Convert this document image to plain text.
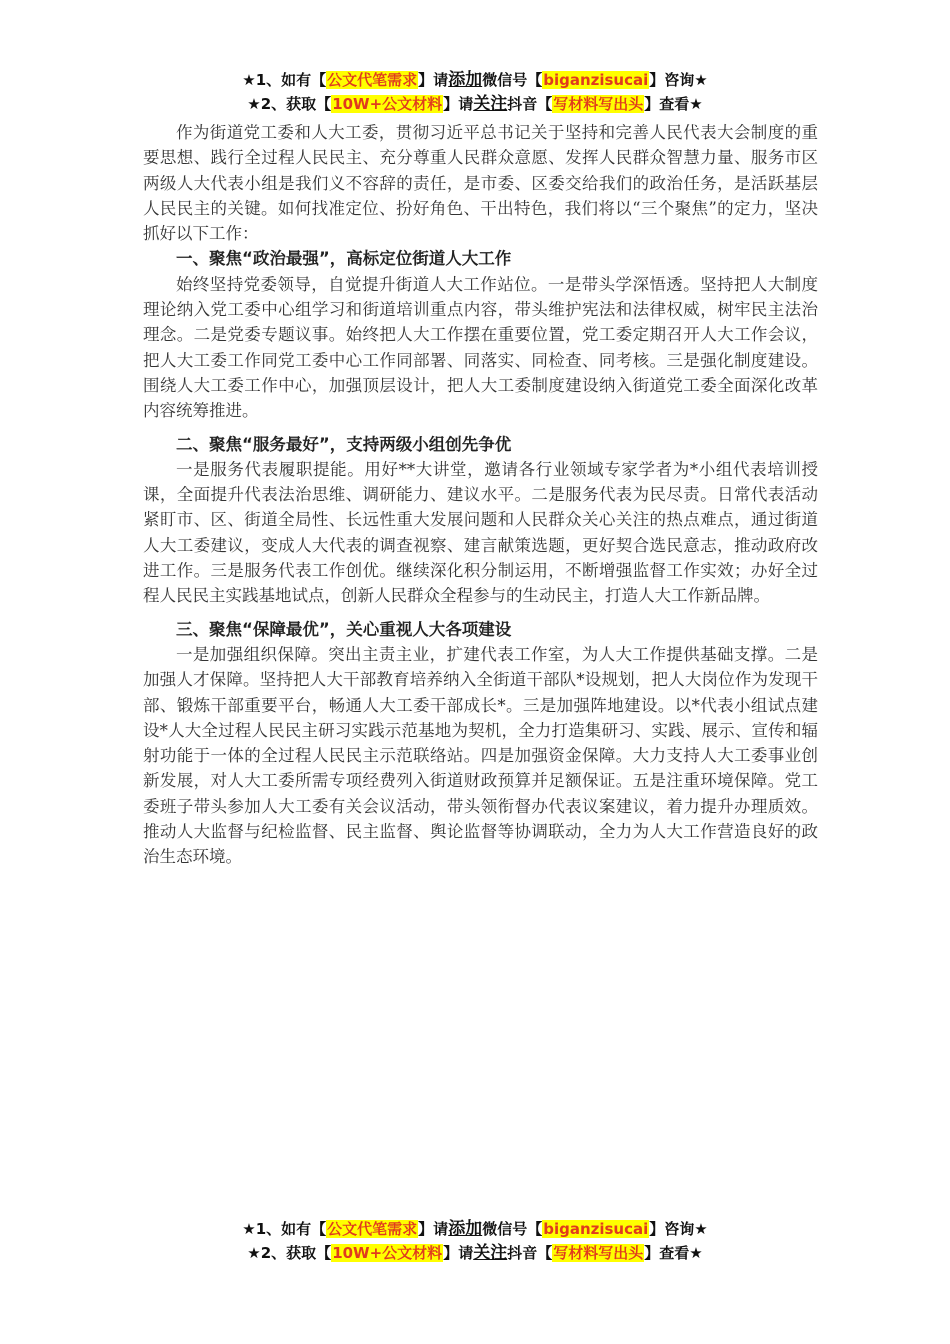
★1、如有【公文代笔需求】请添加微信号【biganzisucai】咨询★
★2、获取【10W+公文材料】请关注抖音【写材料写出头】查看★

作为街道党工委和人大工委，贯彻习近平总书记关于坚持和完善人民代表大会制度的重要思想、践行全过程人民民主、充分尊重人民群众意愿、发挥人民群众智慧力量、服务市区两级人大代表小组是我们义不容辞的责任，是市委、区委交给我们的政治任务，是活跃基层人民民主的关键。如何找准定位、扮好角色、干出特色，我们将以“三个聚焦”的定力，坚决抓好以下工作：

一、聚焦“政治最强”，高标定位街道人大工作

始终坚持党委领导，自觉提升街道人大工作站位。一是带头学深悟透。坚持把人大制度理论纳入党工委中心组学习和街道培训重点内容，带头维护宪法和法律权威，树牢民主法治理念。二是党委专题议事。始终把人大工作摆在重要位置，党工委定期召开人大工作会议，把人大工委工作同党工委中心工作同部署、同落实、同检查、同考核。三是强化制度建设。围绕人大工委工作中心，加强顶层设计，把人大工委制度建设纳入街道党工委全面深化改革内容统筹推进。

二、聚焦“服务最好”，支持两级小组创先争优

一是服务代表履职提能。用好**大讲堂，邀请各行业领域专家学者为*小组代表培训授课，全面提升代表法治思维、调研能力、建议水平。二是服务代表为民尽责。日常代表活动紧盯市、区、街道全局性、长远性重大发展问题和人民群众关心关注的热点难点，通过街道人大工委建议，变成人大代表的调查视察、建言献策选题，更好契合选民意志，推动政府改进工作。三是服务代表工作创优。继续深化积分制运用，不断增强监督工作实效；办好全过程人民民主实践基地试点，创新人民群众全程参与的生动民主，打造人大工作新品牌。

三、聚焦“保障最优”，关心重视人大各项建设

一是加强组织保障。突出主责主业，扩建代表工作室，为人大工作提供基础支撑。二是加强人才保障。坚持把人大干部教育培养纳入全街道干部队*设规划，把人大岗位作为发现干部、锻炼干部重要平台，畅通人大工委干部成长*。三是加强阵地建设。以*代表小组试点建设*人大全过程人民民主研习实践示范基地为契机，全力打造集研习、实践、展示、宣传和辐射功能于一体的全过程人民民主示范联络站。四是加强资金保障。大力支持人大工委事业创新发展，对人大工委所需专项经费列入街道财政预算并足额保证。五是注重环境保障。党工委班子带头参加人大工委有关会议活动，带头领衔督办代表议案建议，着力提升办理质效。推动人大监督与纪检监督、民主监督、舆论监督等协调联动，全力为人大工作营造良好的政治生态环境。

★1、如有【公文代笔需求】请添加微信号【biganzisucai】咨询★
★2、获取【10W+公文材料】请关注抖音【写材料写出头】查看★
